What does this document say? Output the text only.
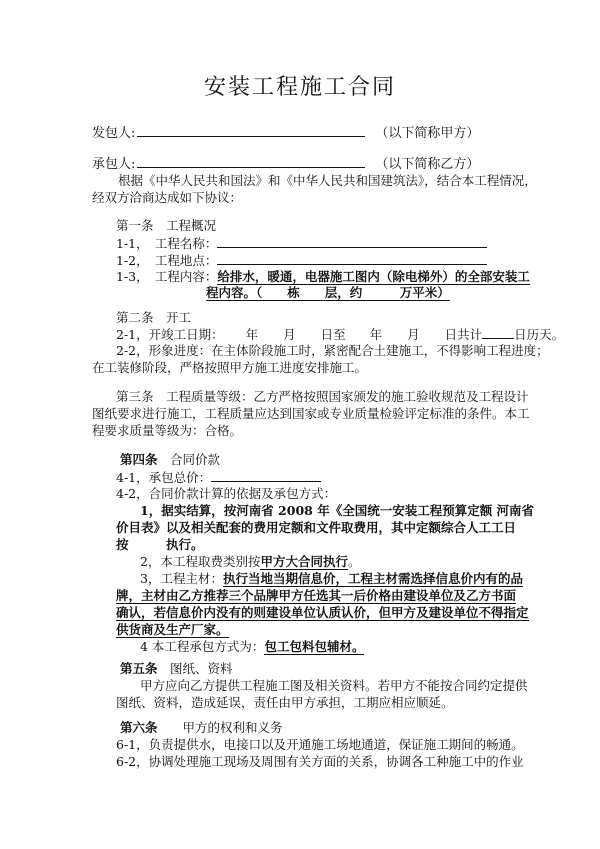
安装工程施工合同
发包人:	（以下简称甲方）
承包人:	（以下简称乙方）
根据《中华人民共和国法》和《中华人民共和国建筑法》，结合本工程情况，
经双方洽商达成如下协议：
第一条　工程概况
1-1，　工程名称：
1-2，　工程地点：
1-3，　工程内容：给排水，暖通，电器施工图内（除电梯外）的全部安装工
程内容。（　　栋　　层，约　　　万平米）
第二条　开工
2-1，开竣工日期： 年　　月　　日至 年　　月　　日共计	日历天。
2-2，形象进度：在主体阶段施工时，紧密配合土建施工，不得影响工程进度；
在工装修阶段，严格按照甲方施工进度安排施工。
第三条　工程质量等级：乙方严格按照国家颁发的施工验收规范及工程设计
图纸要求进行施工，工程质量应达到国家或专业质量检验评定标准的条件。本工
程要求质量等级为：合格。
第四条　合同价款
4-1，承包总价：
4-2，合同价款计算的依据及承包方式：
1，据实结算，按河南省 2008 年《全国统一安装工程预算定额 河南省
价目表》以及相关配套的费用定额和文件取费用，其中定额综合人工工日
按　　　执行。
2，本工程取费类别按甲方大合同执行。
3，工程主材：执行当地当期信息价，工程主材需选择信息价内有的品
牌，主材由乙方推荐三个品牌甲方任选其一后价格由建设单位及乙方书面
确认，若信息价内没有的则建设单位认质认价，但甲方及建设单位不得指定
供货商及生产厂家。
4 本工程承包方式为：包工包料包辅材。
第五条　图纸、资料
甲方应向乙方提供工程施工图及相关资料。若甲方不能按合同约定提供
图纸、资料，造成延误，责任由甲方承担，工期应相应顺延。
第六条　　甲方的权利和义务
6-1，负责提供水，电接口以及开通施工场地通道，保证施工期间的畅通。
6-2，协调处理施工现场及周围有关方面的关系，协调各工种施工中的作业
